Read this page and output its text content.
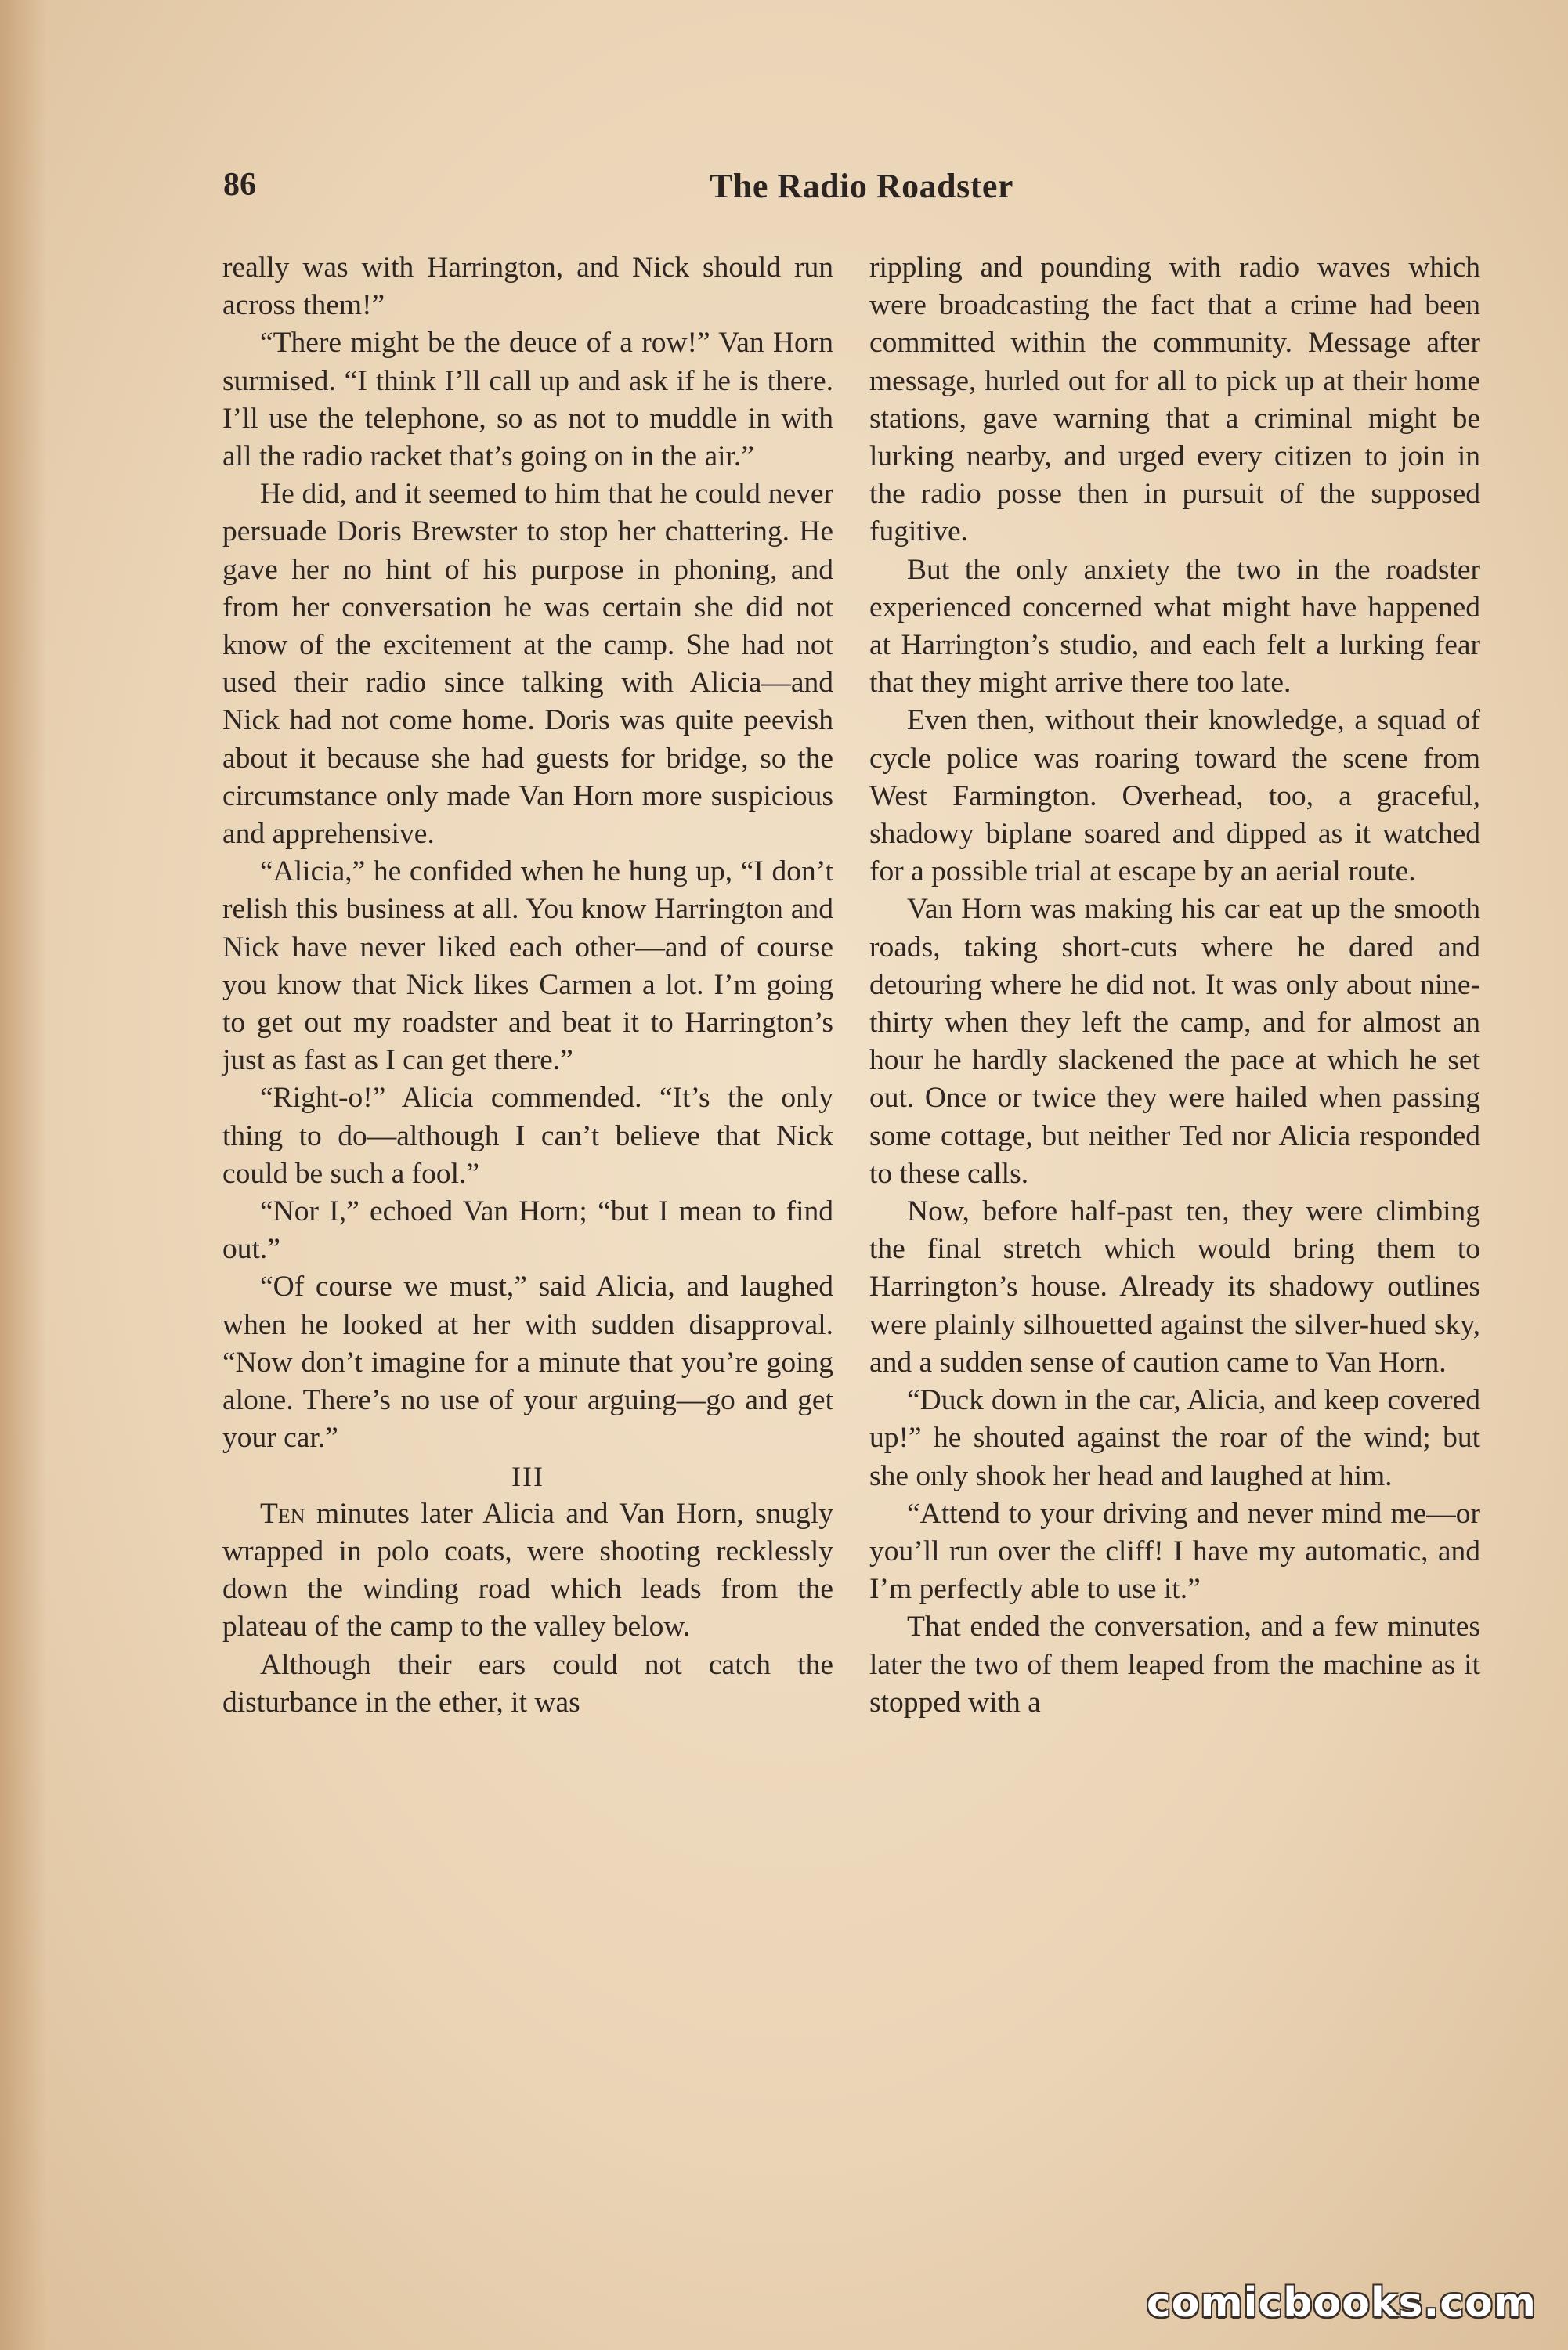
86	The Radio Roadster

really was with Harrington, and Nick should run across them!”

“There might be the deuce of a row!” Van Horn surmised. “I think I’ll call up and ask if he is there. I’ll use the telephone, so as not to muddle in with all the radio racket that’s going on in the air.”

He did, and it seemed to him that he could never persuade Doris Brewster to stop her chattering. He gave her no hint of his purpose in phoning, and from her conversation he was certain she did not know of the excitement at the camp. She had not used their radio since talking with Alicia—and Nick had not come home. Doris was quite peevish about it because she had guests for bridge, so the circumstance only made Van Horn more suspicious and apprehensive.

“Alicia,” he confided when he hung up, “I don’t relish this business at all. You know Harrington and Nick have never liked each other—and of course you know that Nick likes Carmen a lot. I’m going to get out my roadster and beat it to Harrington’s just as fast as I can get there.”

“Right-o!” Alicia commended. “It’s the only thing to do—although I can’t believe that Nick could be such a fool.”

“Nor I,” echoed Van Horn; “but I mean to find out.”

“Of course we must,” said Alicia, and laughed when he looked at her with sudden disapproval. “Now don’t imagine for a minute that you’re going alone. There’s no use of your arguing—go and get your car.”

III

Ten minutes later Alicia and Van Horn, snugly wrapped in polo coats, were shooting recklessly down the winding road which leads from the plateau of the camp to the valley below.

Although their ears could not catch the disturbance in the ether, it was

rippling and pounding with radio waves which were broadcasting the fact that a crime had been committed within the community. Message after message, hurled out for all to pick up at their home stations, gave warning that a criminal might be lurking nearby, and urged every citizen to join in the radio posse then in pursuit of the supposed fugitive.

But the only anxiety the two in the roadster experienced concerned what might have happened at Harrington’s studio, and each felt a lurking fear that they might arrive there too late.

Even then, without their knowledge, a squad of cycle police was roaring toward the scene from West Farmington. Overhead, too, a graceful, shadowy biplane soared and dipped as it watched for a possible trial at escape by an aerial route.

Van Horn was making his car eat up the smooth roads, taking short-cuts where he dared and detouring where he did not. It was only about nine-thirty when they left the camp, and for almost an hour he hardly slackened the pace at which he set out. Once or twice they were hailed when passing some cottage, but neither Ted nor Alicia responded to these calls.

Now, before half-past ten, they were climbing the final stretch which would bring them to Harrington’s house. Already its shadowy outlines were plainly silhouetted against the silver-hued sky, and a sudden sense of caution came to Van Horn.

“Duck down in the car, Alicia, and keep covered up!” he shouted against the roar of the wind; but she only shook her head and laughed at him.

“Attend to your driving and never mind me—or you’ll run over the cliff! I have my automatic, and I’m perfectly able to use it.”

That ended the conversation, and a few minutes later the two of them leaped from the machine as it stopped with a

comicbooks.com
